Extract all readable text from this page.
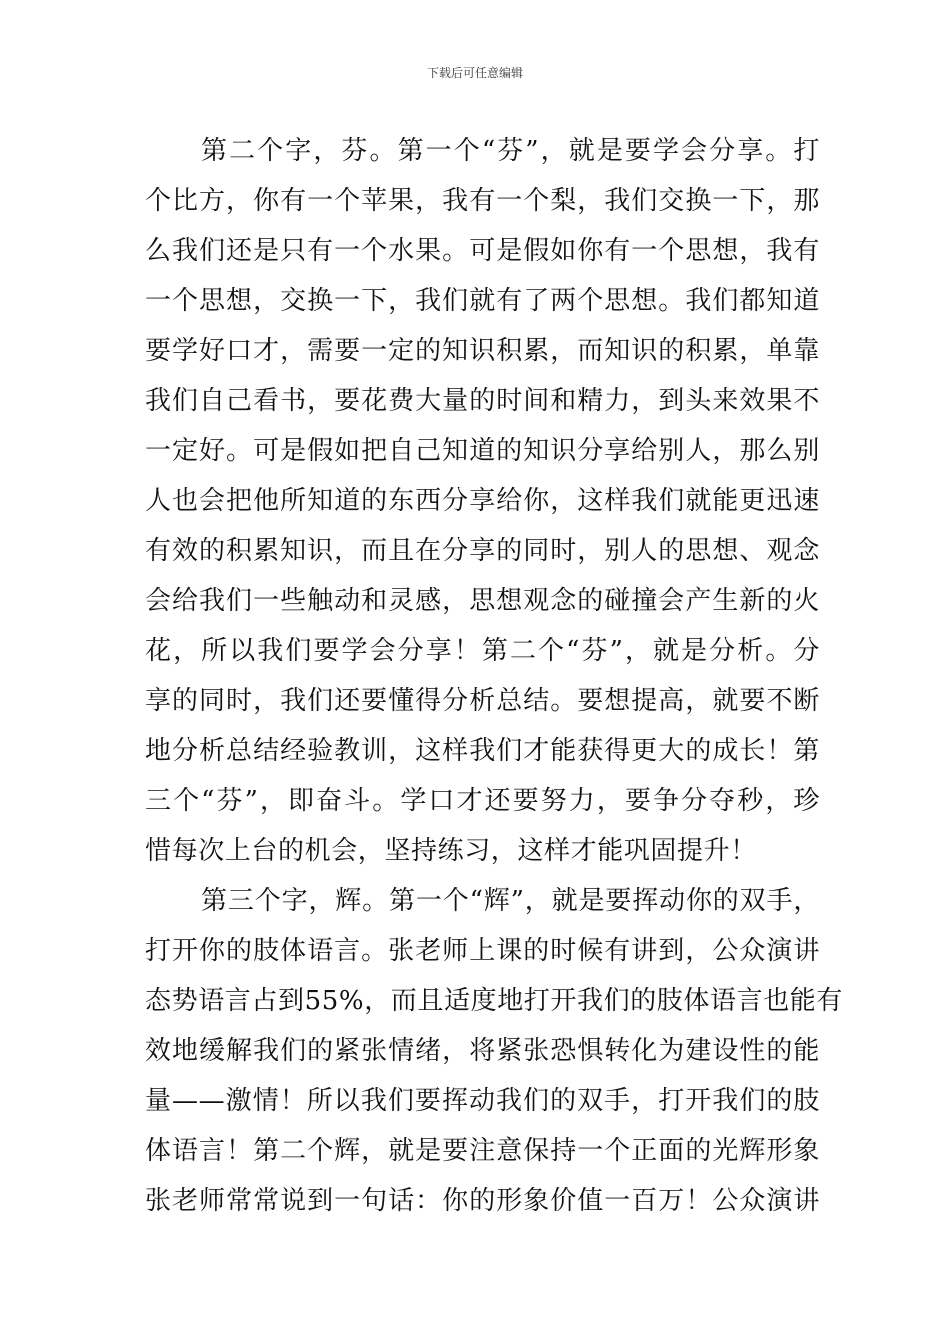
下载后可任意编辑
第二个字，芬。第一个“芬”，就是要学会分享。打
个比方，你有一个苹果，我有一个梨，我们交换一下，那
么我们还是只有一个水果。可是假如你有一个思想，我有
一个思想，交换一下，我们就有了两个思想。我们都知道
要学好口才，需要一定的知识积累，而知识的积累，单靠
我们自己看书，要花费大量的时间和精力，到头来效果不
一定好。可是假如把自己知道的知识分享给别人，那么别
人也会把他所知道的东西分享给你，这样我们就能更迅速
有效的积累知识，而且在分享的同时，别人的思想、观念
会给我们一些触动和灵感，思想观念的碰撞会产生新的火
花，所以我们要学会分享！第二个“芬”，就是分析。分
享的同时，我们还要懂得分析总结。要想提高，就要不断
地分析总结经验教训，这样我们才能获得更大的成长！第
三个“芬”，即奋斗。学口才还要努力，要争分夺秒，珍
惜每次上台的机会，坚持练习，这样才能巩固提升！
第三个字，辉。第一个“辉”，就是要挥动你的双手，
打开你的肢体语言。张老师上课的时候有讲到，公众演讲
态势语言占到55%，而且适度地打开我们的肢体语言也能有
效地缓解我们的紧张情绪，将紧张恐惧转化为建设性的能
量——激情！所以我们要挥动我们的双手，打开我们的肢
体语言！第二个辉，就是要注意保持一个正面的光辉形象
张老师常常说到一句话：你的形象价值一百万！公众演讲
